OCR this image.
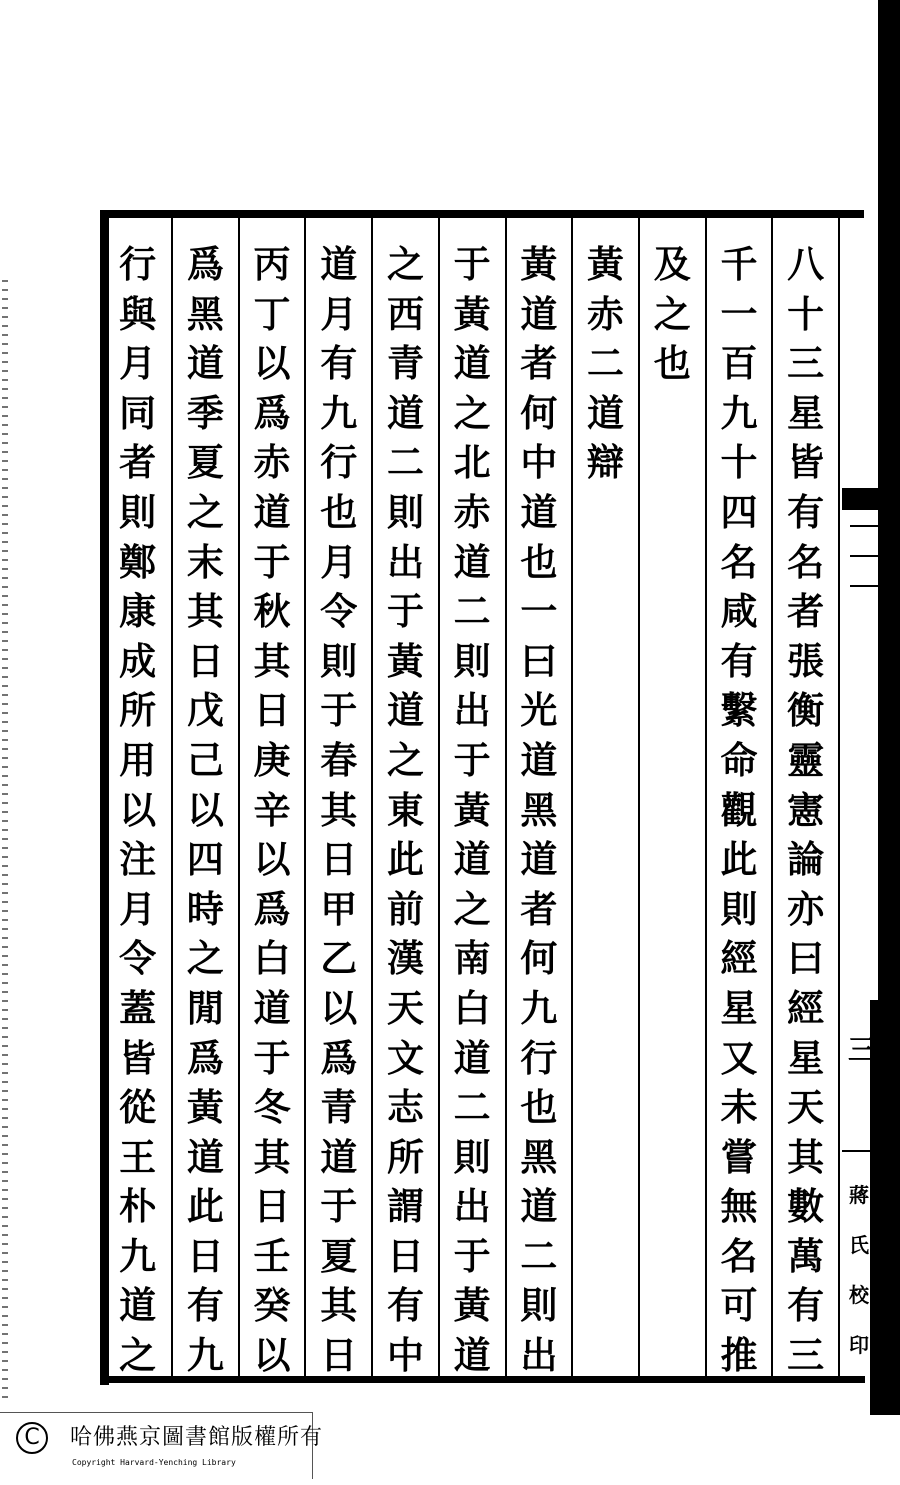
八
十
三
星
皆
有
名
者
張
衡
靈
憲
論
亦
曰
經
星
天
其
數
萬
有
三
千
一
百
九
十
四
名
咸
有
繫
命
觀
此
則
經
星
又
未
嘗
無
名
可
推
及
之
也
黃
赤
二
道
辯
黃
道
者
何
中
道
也
一
曰
光
道
黑
道
者
何
九
行
也
黑
道
二
則
出
于
黃
道
之
北
赤
道
二
則
出
于
黃
道
之
南
白
道
二
則
出
于
黃
道
之
西
青
道
二
則
出
于
黃
道
之
東
此
前
漢
天
文
志
所
謂
日
有
中
道
月
有
九
行
也
月
令
則
于
春
其
日
甲
乙
以
爲
青
道
于
夏
其
日
丙
丁
以
爲
赤
道
于
秋
其
日
庚
辛
以
爲
白
道
于
冬
其
日
壬
癸
以
爲
黑
道
季
夏
之
末
其
日
戊
己
以
四
時
之
閒
爲
黃
道
此
日
有
九
行
與
月
同
者
則
鄭
康
成
所
用
以
注
月
令
蓋
皆
從
王
朴
九
道
之
三
蔣
氏
校
印
C	哈佛燕京圖書館版權所有
Copyright Harvard-Yenching Library
